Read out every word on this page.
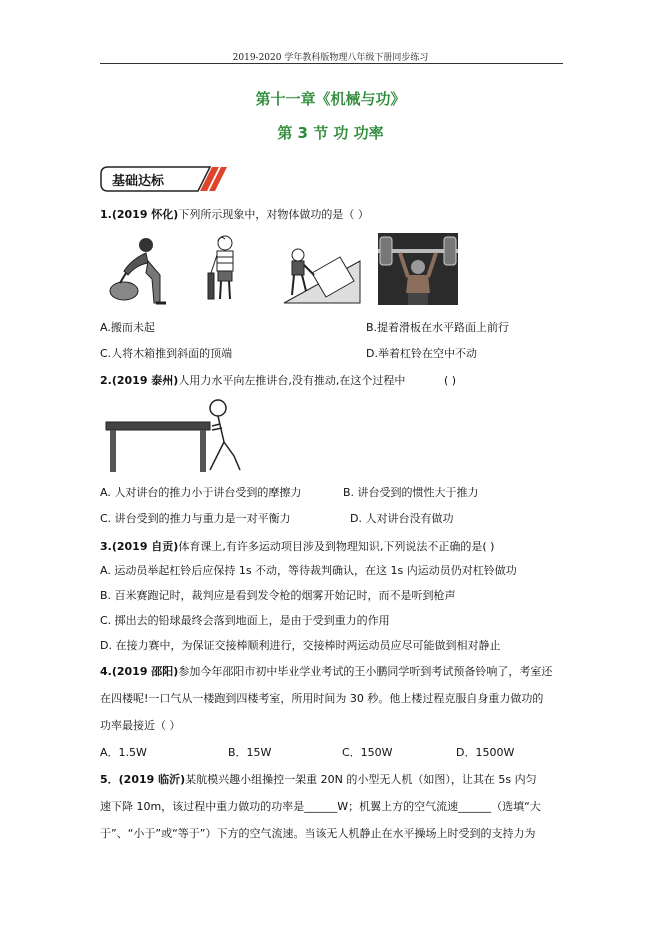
2019-2020 学年教科版物理八年级下册同步练习
第十一章《机械与功》
第 3 节 功 功率
基础达标
1.(2019 怀化)下列所示现象中，对物体做功的是（ ）
A.搬而未起	B.提着滑板在水平路面上前行
C.人将木箱推到斜面的顶端	D.举着杠铃在空中不动
2.(2019 泰州)人用力水平向左推讲台,没有推动,在这个过程中	( )
A. 人对讲台的推力小于讲台受到的摩擦力	B. 讲台受到的惯性大于推力
C. 讲台受到的推力与重力是一对平衡力	D. 人对讲台没有做功
3.(2019 自贡)体育课上,有许多运动项目涉及到物理知识,下列说法不正确的是( )
A. 运动员举起杠铃后应保持 1s 不动，等待裁判确认，在这 1s 内运动员仍对杠铃做功
B. 百米赛跑记时，裁判应是看到发令枪的烟雾开始记时，而不是听到枪声
C. 掷出去的铅球最终会落到地面上，是由于受到重力的作用
D. 在接力赛中，为保证交接棒顺利进行，交接棒时两运动员应尽可能做到相对静止
4.(2019 邵阳)参加今年邵阳市初中毕业学业考试的王小鹏同学听到考试预备铃响了，考室还
在四楼呢!一口气从一楼跑到四楼考室，所用时间为 30 秒。他上楼过程克服自身重力做功的
功率最接近（ ）
A．1.5W	B．15W	C．150W	D．1500W
5．(2019 临沂)某航模兴趣小组操控一架重 20N 的小型无人机（如图），让其在 5s 内匀
速下降 10m，该过程中重力做功的功率是______W；机翼上方的空气流速______（选填“大
于”、“小于”或“等于”）下方的空气流速。当该无人机静止在水平操场上时受到的支持力为
